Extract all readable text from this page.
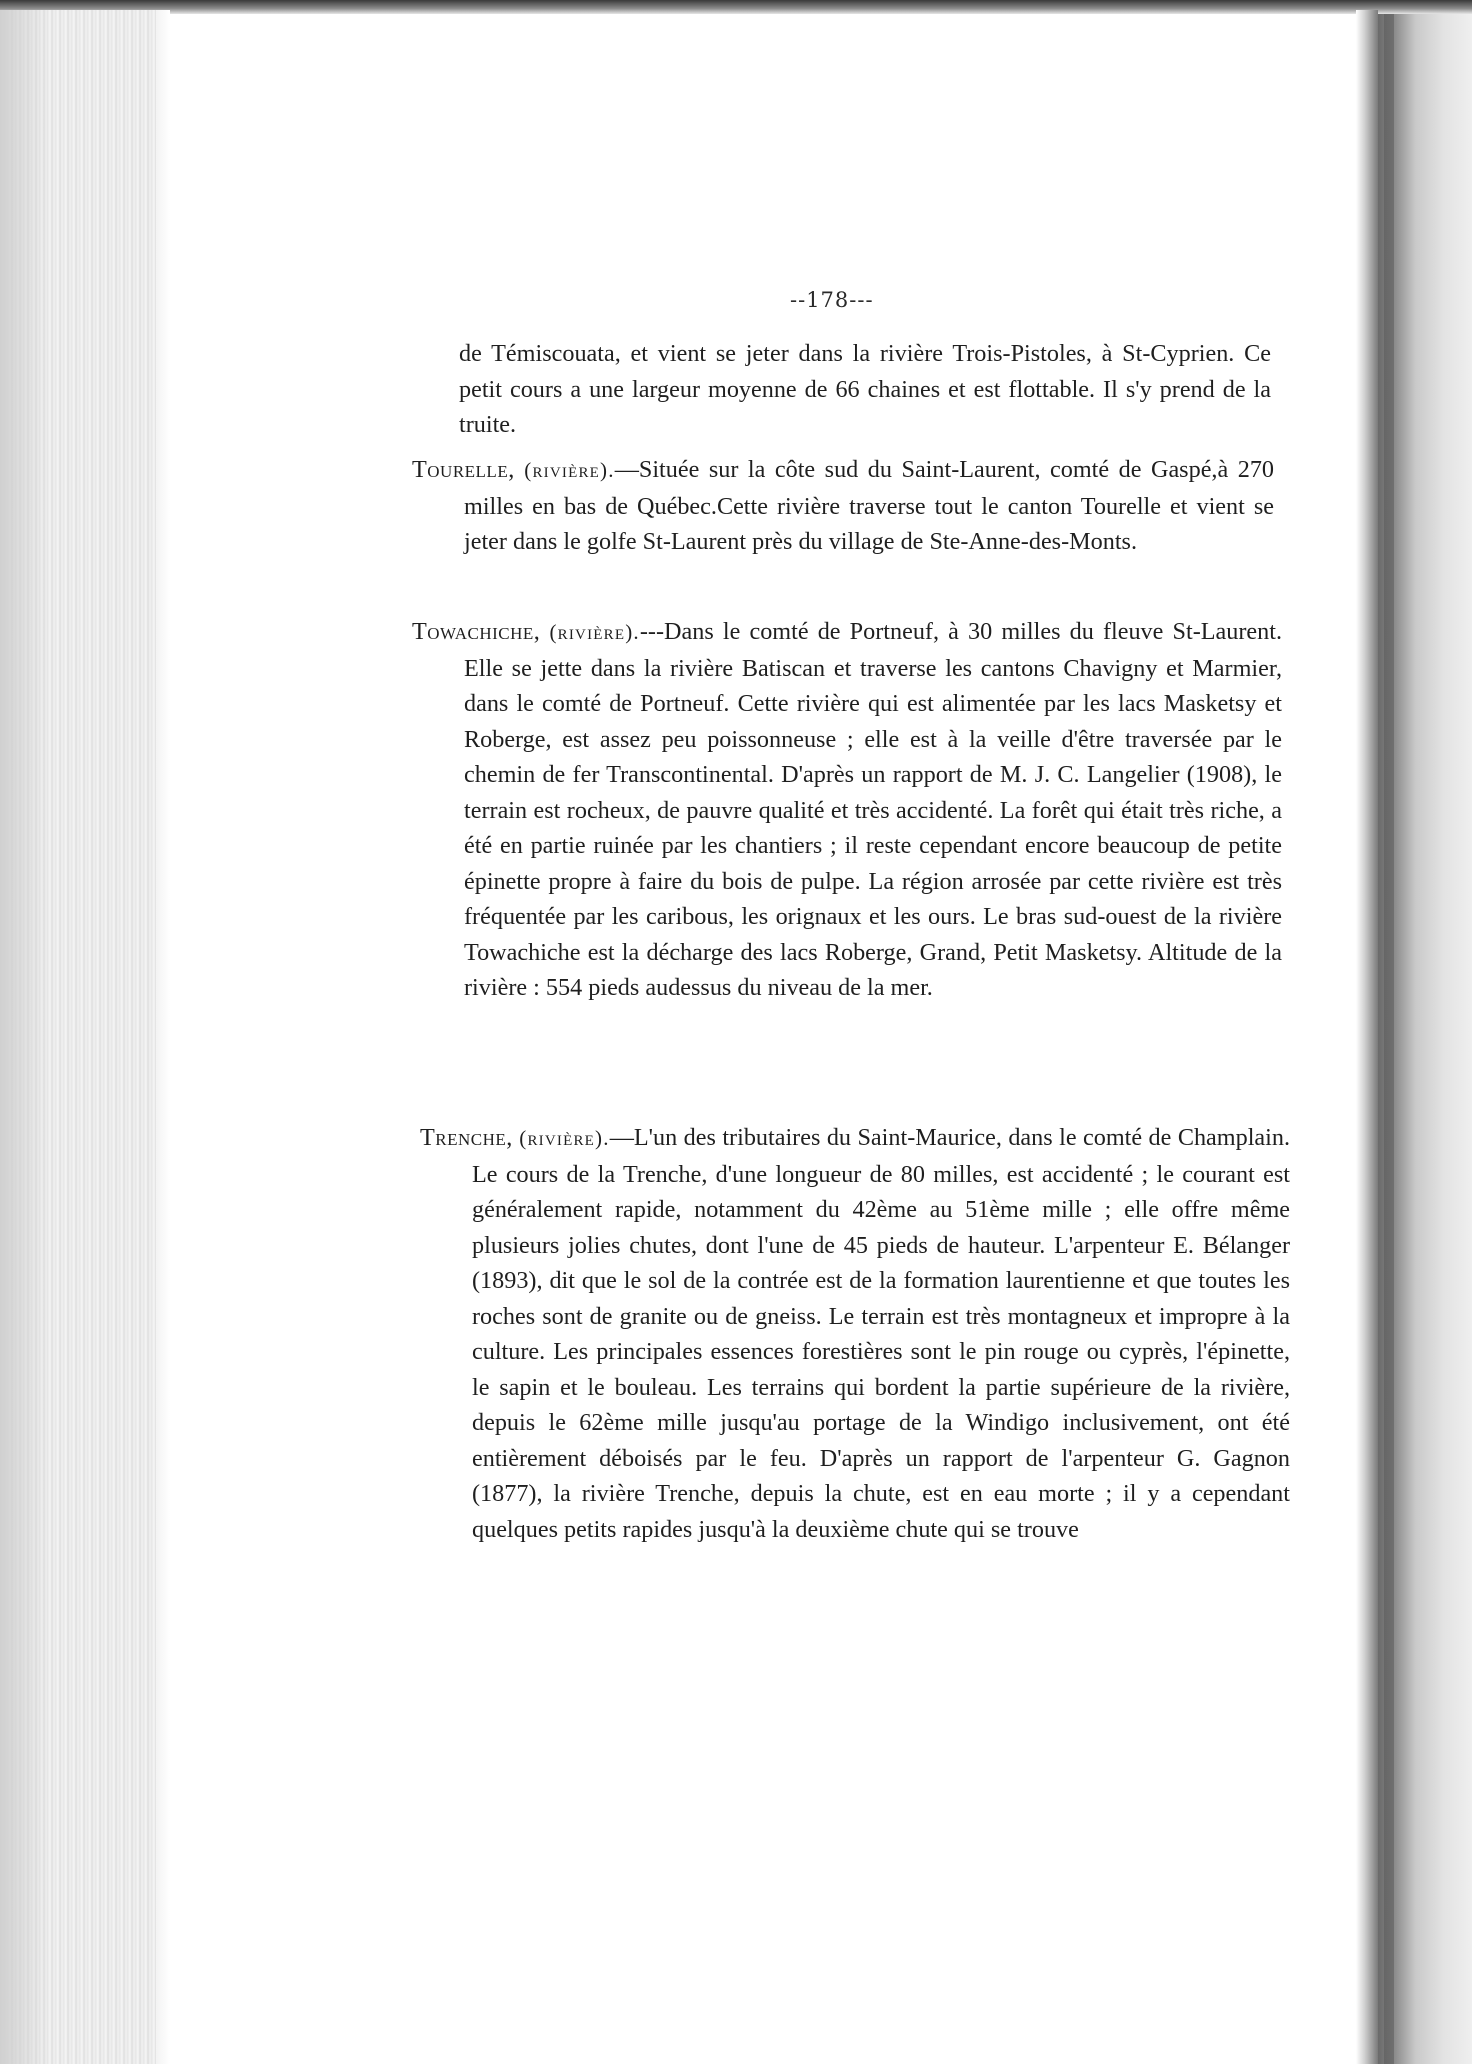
--178---

de Témiscouata, et vient se jeter dans la rivière Trois-Pistoles, à St-Cyprien. Ce petit cours a une largeur moyenne de 66 chaines et est flottable. Il s'y prend de la truite.

Tourelle, (rivière).—Située sur la côte sud du Saint-Laurent, comté de Gaspé,à 270 milles en bas de Québec.Cette rivière traverse tout le canton Tourelle et vient se jeter dans le golfe St-Laurent près du village de Ste-Anne-des-Monts.

Towachiche, (rivière).---Dans le comté de Portneuf, à 30 milles du fleuve St-Laurent. Elle se jette dans la rivière Batiscan et traverse les cantons Chavigny et Marmier, dans le comté de Portneuf. Cette rivière qui est alimentée par les lacs Masketsy et Roberge, est assez peu poissonneuse ; elle est à la veille d'être traversée par le chemin de fer Transcontinental. D'après un rapport de M. J. C. Langelier (1908), le terrain est rocheux, de pauvre qualité et très accidenté. La forêt qui était très riche, a été en partie ruinée par les chantiers ; il reste cependant encore beaucoup de petite épinette propre à faire du bois de pulpe. La région arrosée par cette rivière est très fréquentée par les caribous, les orignaux et les ours. Le bras sud-ouest de la rivière Towachiche est la décharge des lacs Roberge, Grand, Petit Masketsy. Altitude de la rivière : 554 pieds audessus du niveau de la mer.

Trenche, (rivière).—L'un des tributaires du Saint-Maurice, dans le comté de Champlain. Le cours de la Trenche, d'une longueur de 80 milles, est accidenté ; le courant est généralement rapide, notamment du 42ème au 51ème mille ; elle offre même plusieurs jolies chutes, dont l'une de 45 pieds de hauteur. L'arpenteur E. Bélanger (1893), dit que le sol de la contrée est de la formation laurentienne et que toutes les roches sont de granite ou de gneiss. Le terrain est très montagneux et impropre à la culture. Les principales essences forestières sont le pin rouge ou cyprès, l'épinette, le sapin et le bouleau. Les terrains qui bordent la partie supérieure de la rivière, depuis le 62ème mille jusqu'au portage de la Windigo inclusivement, ont été entièrement déboisés par le feu. D'après un rapport de l'arpenteur G. Gagnon (1877), la rivière Trenche, depuis la chute, est en eau morte ; il y a cependant quelques petits rapides jusqu'à la deuxième chute qui se trouve
